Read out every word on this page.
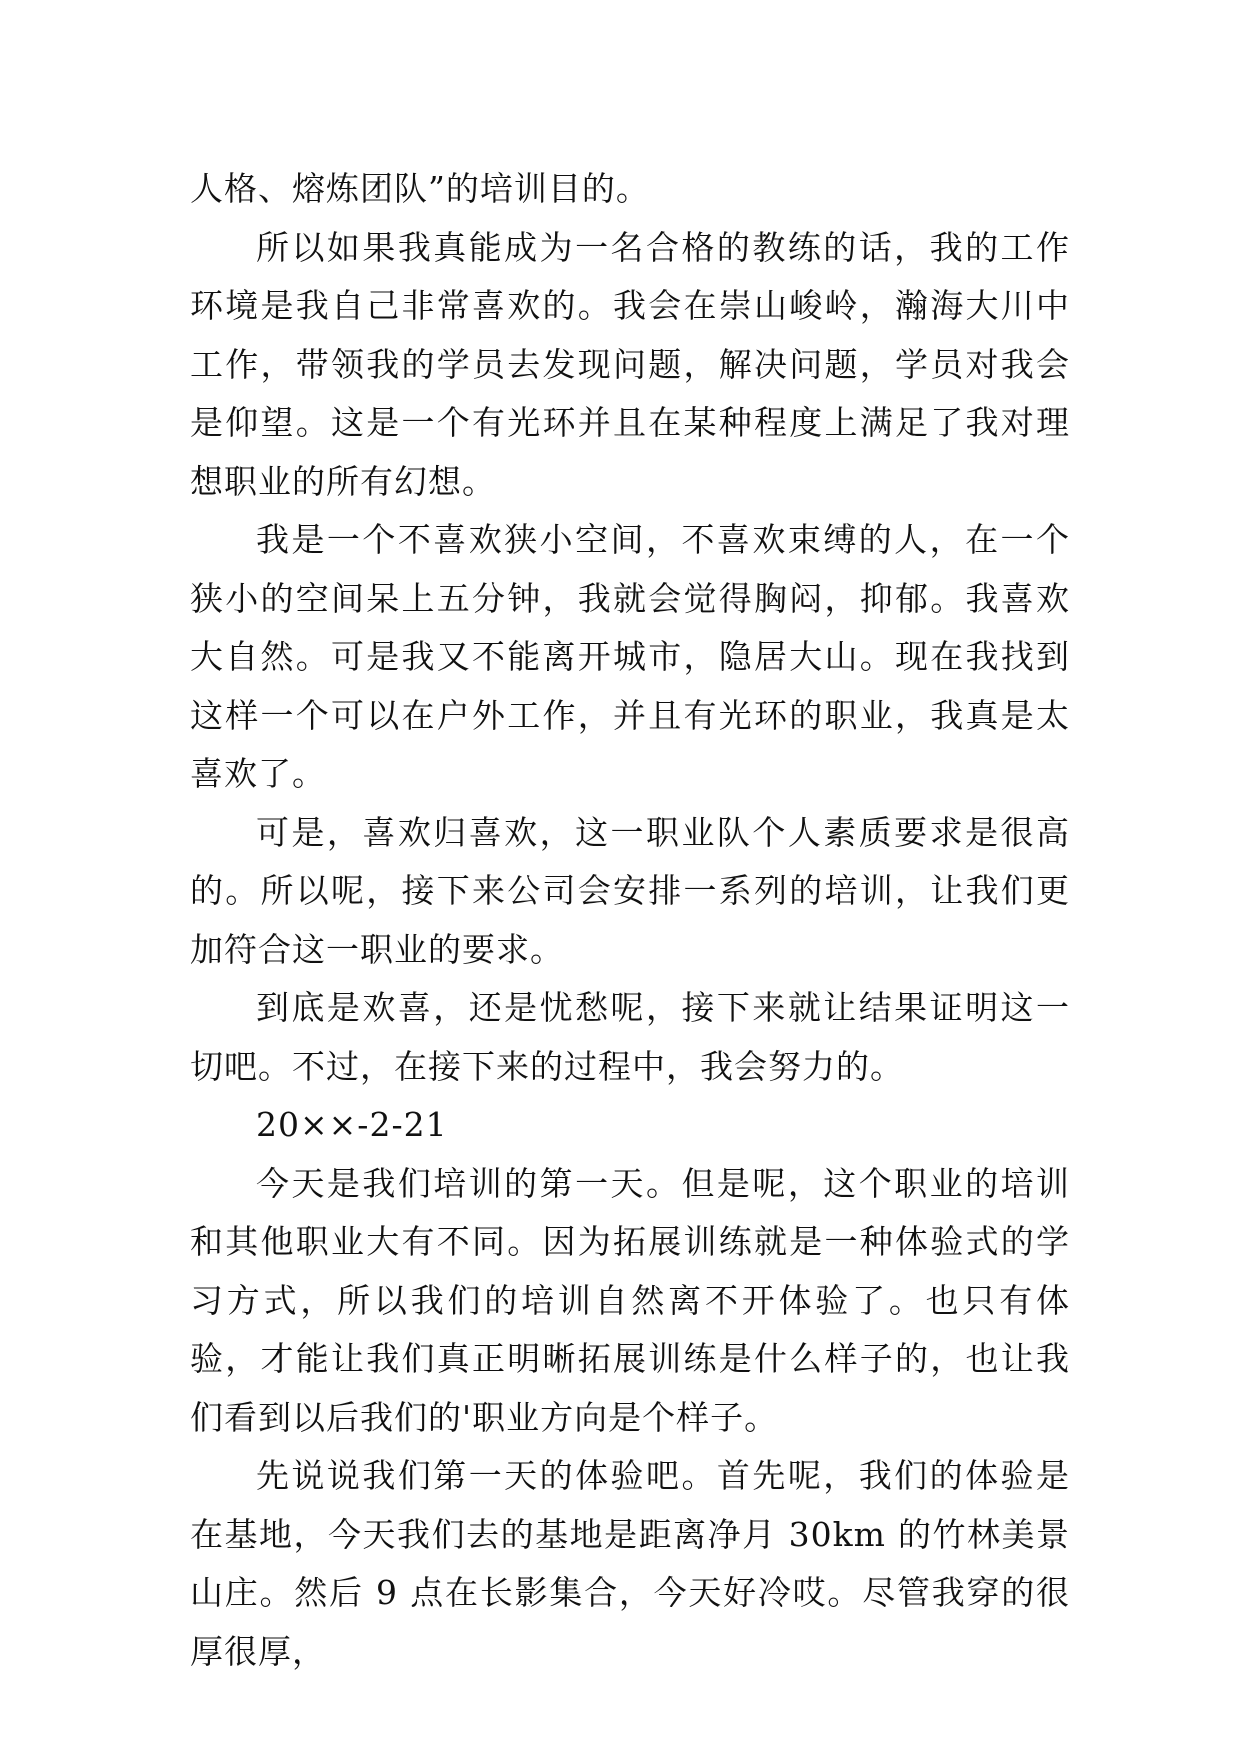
人格、熔炼团队”的培训目的。

所以如果我真能成为一名合格的教练的话，我的工作环境是我自己非常喜欢的。我会在崇山峻岭，瀚海大川中工作，带领我的学员去发现问题，解决问题，学员对我会是仰望。这是一个有光环并且在某种程度上满足了我对理想职业的所有幻想。

我是一个不喜欢狭小空间，不喜欢束缚的人，在一个狭小的空间呆上五分钟，我就会觉得胸闷，抑郁。我喜欢大自然。可是我又不能离开城市，隐居大山。现在我找到这样一个可以在户外工作，并且有光环的职业，我真是太喜欢了。

可是，喜欢归喜欢，这一职业队个人素质要求是很高的。所以呢，接下来公司会安排一系列的培训，让我们更加符合这一职业的要求。

到底是欢喜，还是忧愁呢，接下来就让结果证明这一切吧。不过，在接下来的过程中，我会努力的。

20××-2-21

今天是我们培训的第一天。但是呢，这个职业的培训和其他职业大有不同。因为拓展训练就是一种体验式的学习方式，所以我们的培训自然离不开体验了。也只有体验，才能让我们真正明晰拓展训练是什么样子的，也让我们看到以后我们的'职业方向是个样子。

先说说我们第一天的体验吧。首先呢，我们的体验是在基地，今天我们去的基地是距离净月 30km 的竹林美景山庄。然后 9 点在长影集合，今天好冷哎。尽管我穿的很厚很厚，
